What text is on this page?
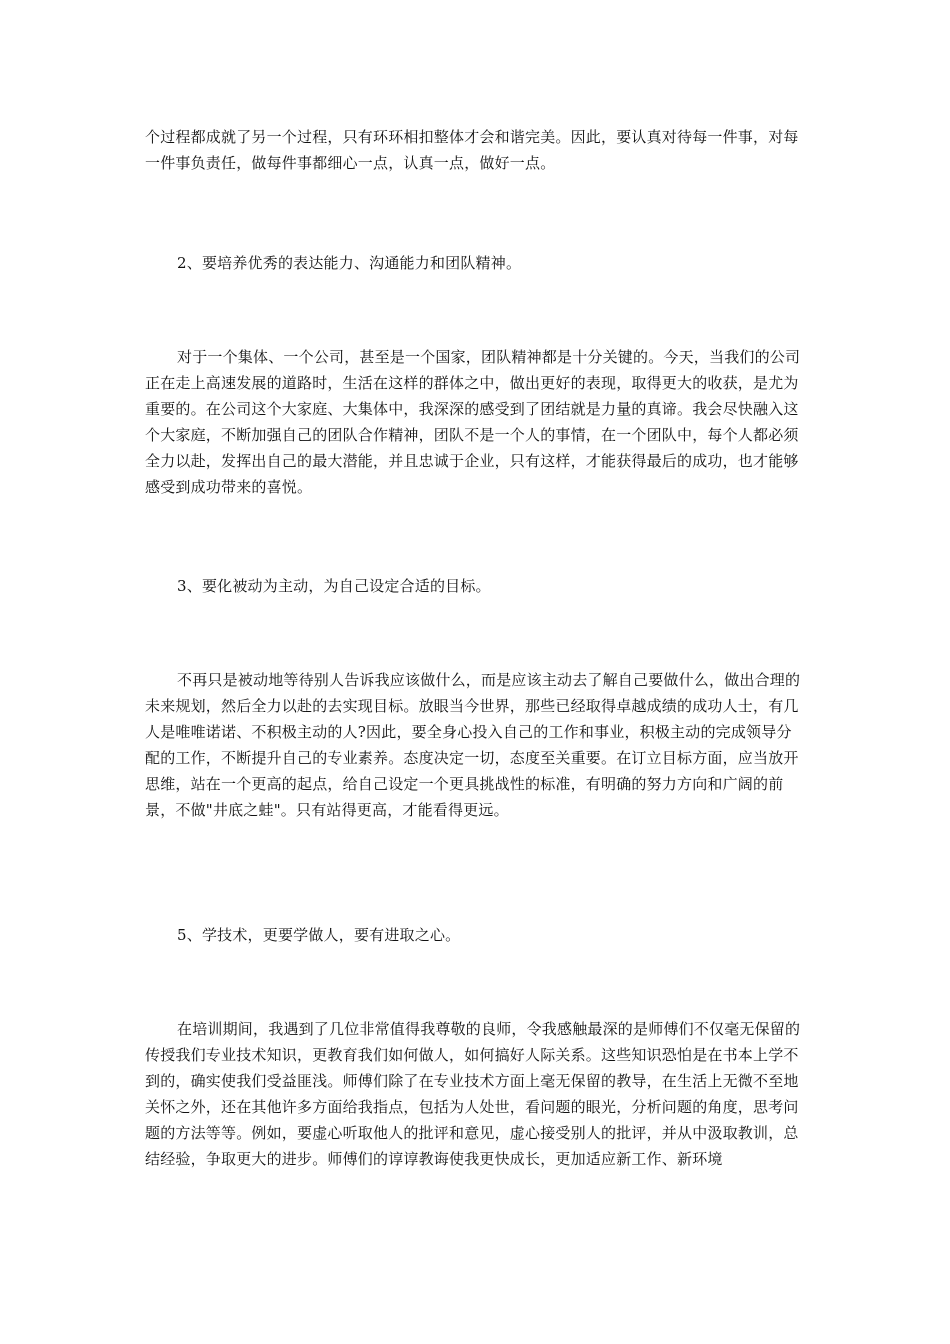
个过程都成就了另一个过程，只有环环相扣整体才会和谐完美。因此，要认真对待每一件事，对每一件事负责任，做每件事都细心一点，认真一点，做好一点。

2、要培养优秀的表达能力、沟通能力和团队精神。

对于一个集体、一个公司，甚至是一个国家，团队精神都是十分关键的。今天，当我们的公司正在走上高速发展的道路时，生活在这样的群体之中，做出更好的表现，取得更大的收获，是尤为重要的。在公司这个大家庭、大集体中，我深深的感受到了团结就是力量的真谛。我会尽快融入这个大家庭，不断加强自己的团队合作精神，团队不是一个人的事情，在一个团队中，每个人都必须全力以赴，发挥出自己的最大潜能，并且忠诚于企业，只有这样，才能获得最后的成功，也才能够感受到成功带来的喜悦。

3、要化被动为主动，为自己设定合适的目标。

不再只是被动地等待别人告诉我应该做什么，而是应该主动去了解自己要做什么，做出合理的未来规划，然后全力以赴的去实现目标。放眼当今世界，那些已经取得卓越成绩的成功人士，有几人是唯唯诺诺、不积极主动的人?因此，要全身心投入自己的工作和事业，积极主动的完成领导分配的工作，不断提升自己的专业素养。态度决定一切，态度至关重要。在订立目标方面，应当放开思维，站在一个更高的起点，给自己设定一个更具挑战性的标准，有明确的努力方向和广阔的前景，不做"井底之蛙"。只有站得更高，才能看得更远。

5、学技术，更要学做人，要有进取之心。

在培训期间，我遇到了几位非常值得我尊敬的良师，令我感触最深的是师傅们不仅毫无保留的传授我们专业技术知识，更教育我们如何做人，如何搞好人际关系。这些知识恐怕是在书本上学不到的，确实使我们受益匪浅。师傅们除了在专业技术方面上毫无保留的教导，在生活上无微不至地关怀之外，还在其他许多方面给我指点，包括为人处世，看问题的眼光，分析问题的角度，思考问题的方法等等。例如，要虚心听取他人的批评和意见，虚心接受别人的批评，并从中汲取教训，总结经验，争取更大的进步。师傅们的谆谆教诲使我更快成长，更加适应新工作、新环境
